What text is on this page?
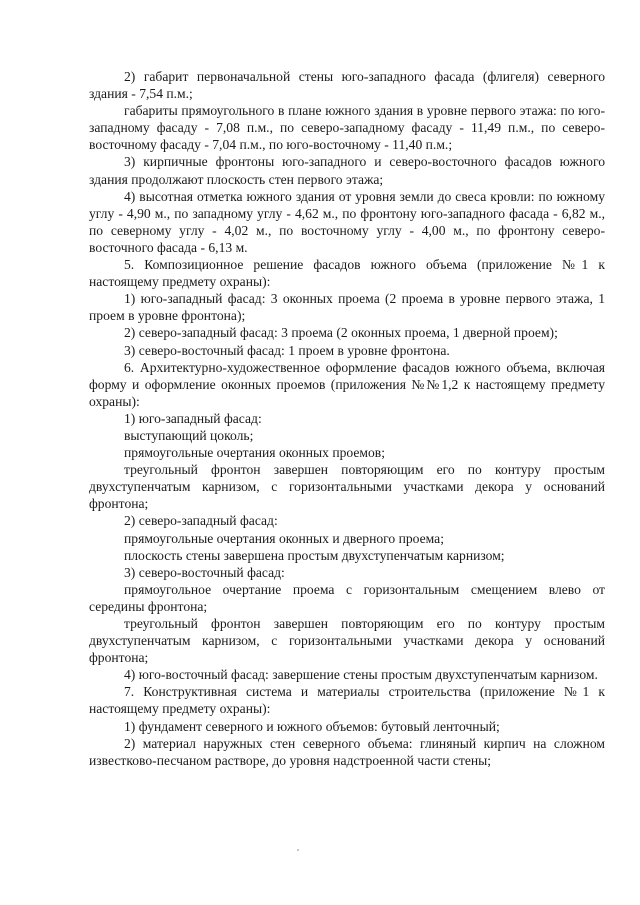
2) габарит первоначальной стены юго-западного фасада (флигеля) северного здания - 7,54 п.м.;

габариты прямоугольного в плане южного здания в уровне первого этажа: по юго-западному фасаду - 7,08 п.м., по северо-западному фасаду - 11,49 п.м., по северо-восточному фасаду - 7,04 п.м., по юго-восточному - 11,40 п.м.;

3) кирпичные фронтоны юго-западного и северо-восточного фасадов южного здания продолжают плоскость стен первого этажа;

4) высотная отметка южного здания от уровня земли до свеса кровли: по южному углу - 4,90 м., по западному углу - 4,62 м., по фронтону юго-западного фасада - 6,82 м., по северному углу - 4,02 м., по восточному углу - 4,00 м., по фронтону северо-восточного фасада - 6,13 м.

5. Композиционное решение фасадов южного объема (приложение №1 к настоящему предмету охраны):

1) юго-западный фасад: 3 оконных проема (2 проема в уровне первого этажа, 1 проем в уровне фронтона);

2) северо-западный фасад: 3 проема (2 оконных проема, 1 дверной проем);

3) северо-восточный фасад: 1 проем в уровне фронтона.

6. Архитектурно-художественное оформление фасадов южного объема, включая форму и оформление оконных проемов (приложения №№1,2 к настоящему предмету охраны):

1) юго-западный фасад:

выступающий цоколь;

прямоугольные очертания оконных проемов;

треугольный фронтон завершен повторяющим его по контуру простым двухступенчатым карнизом, с горизонтальными участками декора у оснований фронтона;

2) северо-западный фасад:

прямоугольные очертания оконных и дверного проема;

плоскость стены завершена простым двухступенчатым карнизом;

3) северо-восточный фасад:

прямоугольное очертание проема с горизонтальным смещением влево от середины фронтона;

треугольный фронтон завершен повторяющим его по контуру простым двухступенчатым карнизом, с горизонтальными участками декора у оснований фронтона;

4) юго-восточный фасад: завершение стены простым двухступенчатым карнизом.

7. Конструктивная система и материалы строительства (приложение №1 к настоящему предмету охраны):

1) фундамент северного и южного объемов: бутовый ленточный;

2) материал наружных стен северного объема: глиняный кирпич на сложном известково-песчаном растворе, до уровня надстроенной части стены;
